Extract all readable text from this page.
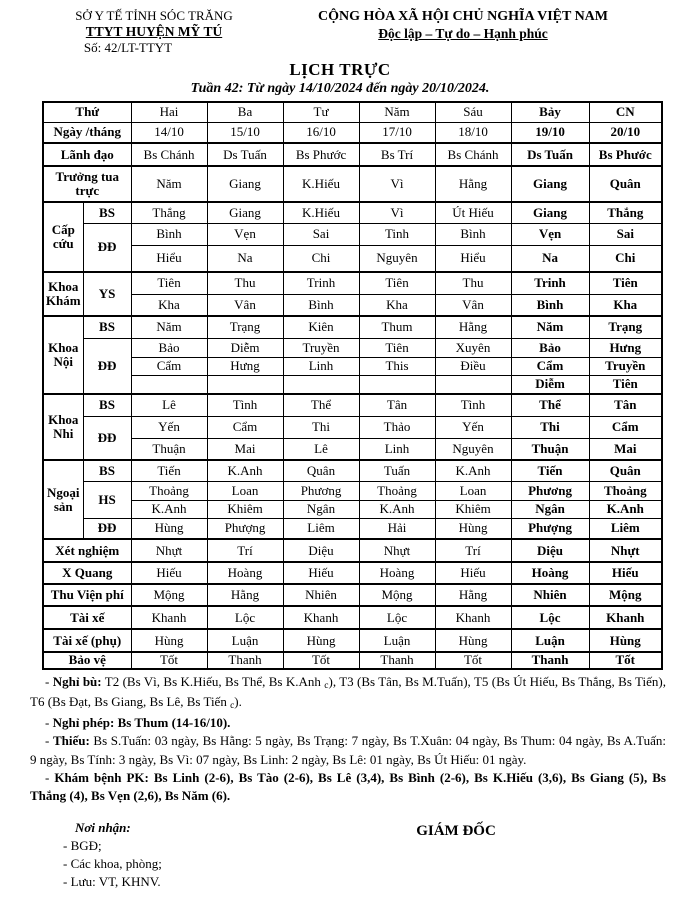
SỞ Y TẾ TỈNH SÓC TRĂNG
TTYT HUYỆN MỸ TÚ
Số: 42/LT-TTYT
CỘNG HÒA XÃ HỘI CHỦ NGHĨA VIỆT NAM
Độc lập – Tự do – Hạnh phúc
LỊCH TRỰC
Tuần 42: Từ ngày 14/10/2024 đến ngày 20/10/2024.
Thứ		Hai	Ba	Tư	Năm	Sáu	Bảy	CN
Ngày /tháng		14/10	15/10	16/10	17/10	18/10	19/10	20/10
Lãnh đạo		Bs Chánh	Ds Tuấn	Bs Phước	Bs Trí	Bs Chánh	Ds Tuấn	Bs Phước
Trưởng tua trực		Năm	Giang	K.Hiếu	Vì	Hằng	Giang	Quân
Cấp cứu	BS	Thắng	Giang	K.Hiếu	Vì	Út Hiếu	Giang	Thắng
	ĐĐ	Bình	Vẹn	Sai	Tinh	Bình	Vẹn	Sai
		Hiểu	Na	Chi	Nguyên	Hiểu	Na	Chi
Khoa Khám	YS	Tiên	Thu	Trinh	Tiên	Thu	Trinh	Tiên
		Kha	Vân	Bình	Kha	Vân	Bình	Kha
Khoa Nội	BS	Năm	Trạng	Kiên	Thum	Hằng	Năm	Trạng
	ĐĐ	Bảo	Diễm	Truyền	Tiên	Xuyên	Bảo	Hưng
		Cẩm	Hưng	Linh	This	Điều	Cẩm	Truyền
							Diễm	Tiên
Khoa Nhi	BS	Lê	Tình	Thể	Tân	Tình	Thể	Tân
	ĐĐ	Yến	Cẩm	Thi	Thảo	Yến	Thi	Cẩm
		Thuận	Mai	Lê	Linh	Nguyên	Thuận	Mai
Ngoại sản	BS	Tiến	K.Anh	Quân	Tuấn	K.Anh	Tiến	Quân
	HS	Thoảng	Loan	Phương	Thoảng	Loan	Phương	Thoảng
		K.Anh	Khiêm	Ngân	K.Anh	Khiêm	Ngân	K.Anh
	ĐĐ	Hùng	Phượng	Liêm	Hải	Hùng	Phượng	Liêm
Xét nghiệm		Nhựt	Trí	Diệu	Nhựt	Trí	Diệu	Nhựt
X Quang		Hiếu	Hoàng	Hiếu	Hoàng	Hiếu	Hoàng	Hiếu
Thu Viện phí		Mộng	Hằng	Nhiên	Mộng	Hằng	Nhiên	Mộng
Tài xế		Khanh	Lộc	Khanh	Lộc	Khanh	Lộc	Khanh
Tài xế (phụ)		Hùng	Luận	Hùng	Luận	Hùng	Luận	Hùng
Bảo vệ		Tốt	Thanh	Tốt	Thanh	Tốt	Thanh	Tốt
- Nghỉ bù: T2 (Bs Vì, Bs K.Hiếu, Bs Thể, Bs K.Anh $_c$), T3 (Bs Tân, Bs M.Tuấn), T5 (Bs Út Hiếu, Bs Thắng, Bs Tiến), T6 (Bs Đạt, Bs Giang, Bs Lê, Bs Tiến $_c$).
- Nghỉ phép: Bs Thum (14-16/10).
- Thiếu: Bs S.Tuấn: 03 ngày, Bs Hằng: 5 ngày, Bs Trạng: 7 ngày, Bs T.Xuân: 04 ngày, Bs Thum: 04 ngày, Bs A.Tuấn: 9 ngày, Bs Tính: 3 ngày, Bs Vì: 07 ngày, Bs Linh: 2 ngày, Bs Lê: 01 ngày, Bs Út Hiếu: 01 ngày.
- Khám bệnh PK: Bs Linh (2-6), Bs Tào (2-6), Bs Lê (3,4), Bs Bình (2-6), Bs K.Hiếu (3,6), Bs Giang (5), Bs Thắng (4), Bs Vẹn (2,6), Bs Năm (6).
Nơi nhận:
- BGĐ;
- Các khoa, phòng;
- Lưu: VT, KHNV.
GIÁM ĐỐC
